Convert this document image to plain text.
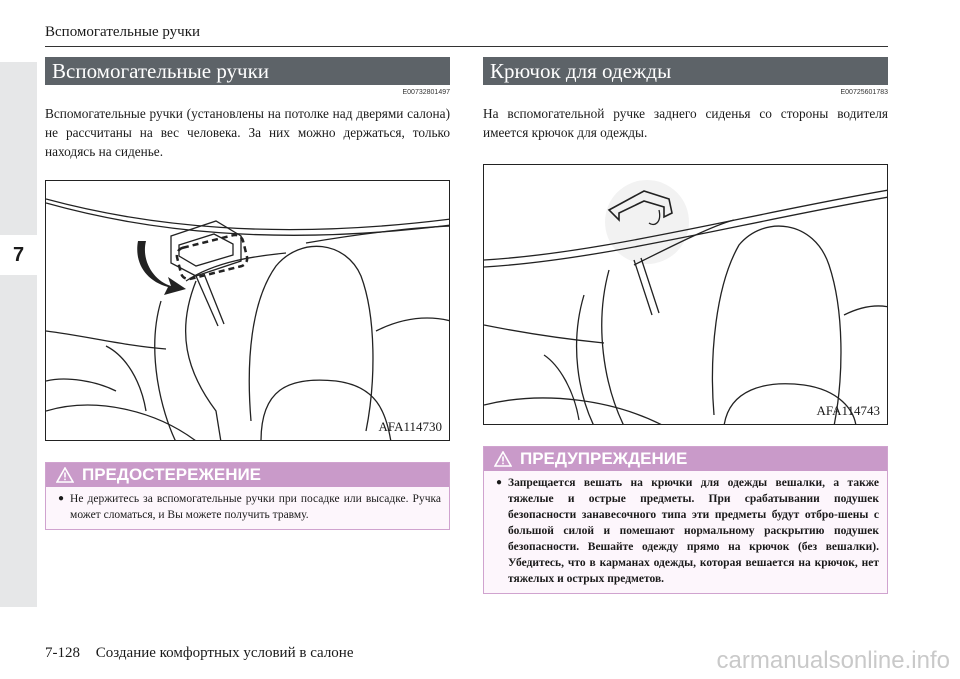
7
Вспомогательные ручки
Вспомогательные ручки
E00732801497
Вспомогательные ручки (установлены на потолке над дверями салона) не рассчитаны на вес человека. За них можно держаться, только находясь на сиденье.
AFA114730
ПРЕДОСТЕРЕЖЕНИЕ
● Не держитесь за вспомогательные ручки при посадке или высадке. Ручка может сломаться, и Вы можете получить травму.
Крючок для одежды
E00725601783
На вспомогательной ручке заднего сиденья со стороны водителя имеется крючок для одежды.
AFA114743
ПРЕДУПРЕЖДЕНИЕ
● Запрещается вешать на крючки для одежды вешалки, а также тяжелые и острые предметы. При срабатывании подушек безопасности занавесочного типа эти предметы будут отбро-шены с большой силой и помешают нормальному раскрытию подушек безопасности. Вешайте одежду прямо на крючок (без вешалки). Убедитесь, что в карманах одежды, которая вешается на крючок, нет тяжелых и острых предметов.
7-128 Создание комфортных условий в салоне	carmanualsonline.info
